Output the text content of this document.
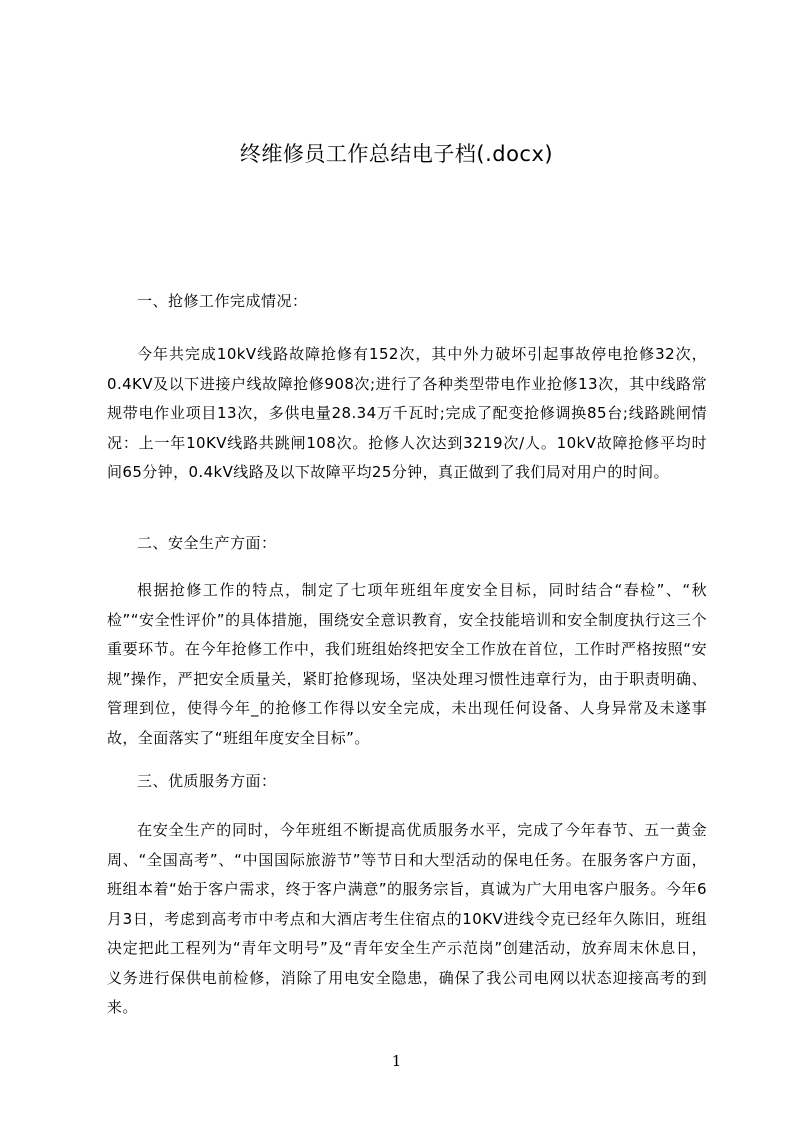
终维修员工作总结电子档(.docx)
一、抢修工作完成情况：

今年共完成10kV线路故障抢修有152次，其中外力破坏引起事故停电抢修32次，0.4KV及以下进接户线故障抢修908次;进行了各种类型带电作业抢修13次，其中线路常规带电作业项目13次，多供电量28.34万千瓦时;完成了配变抢修调换85台;线路跳闸情况：上一年10KV线路共跳闸108次。抢修人次达到3219次/人。10kV故障抢修平均时间65分钟，0.4kV线路及以下故障平均25分钟，真正做到了我们局对用户的时间。

二、安全生产方面：

根据抢修工作的特点，制定了七项年班组年度安全目标，同时结合“春检”、“秋检”“安全性评价”的具体措施，围绕安全意识教育，安全技能培训和安全制度执行这三个重要环节。在今年抢修工作中，我们班组始终把安全工作放在首位，工作时严格按照“安规”操作，严把安全质量关，紧盯抢修现场，坚决处理习惯性违章行为，由于职责明确、管理到位，使得今年_的抢修工作得以安全完成，未出现任何设备、人身异常及未遂事故，全面落实了“班组年度安全目标”。

三、优质服务方面：

在安全生产的同时，今年班组不断提高优质服务水平，完成了今年春节、五一黄金周、“全国高考”、“中国国际旅游节”等节日和大型活动的保电任务。在服务客户方面，班组本着“始于客户需求，终于客户满意”的服务宗旨，真诚为广大用电客户服务。今年6月3日，考虑到高考市中考点和大酒店考生住宿点的10KV进线令克已经年久陈旧，班组决定把此工程列为“青年文明号”及“青年安全生产示范岗”创建活动，放弃周末休息日，义务进行保供电前检修，消除了用电安全隐患，确保了我公司电网以状态迎接高考的到来。

1
